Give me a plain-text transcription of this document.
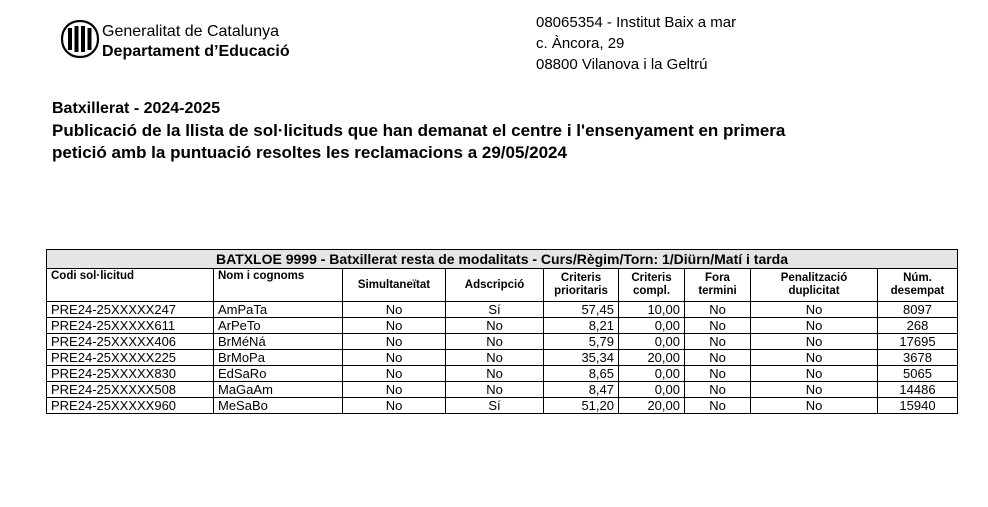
Generalitat de Catalunya
Departament d’Educació
08065354 - Institut Baix a mar
c. Àncora, 29
08800 Vilanova i la Geltrú
Batxillerat - 2024-2025
Publicació de la llista de sol·licituds que han demanat el centre i l'ensenyament en primera
petició amb la puntuació resoltes les reclamacions a 29/05/2024
BATXLOE 9999 - Batxillerat resta de modalitats - Curs/Règim/Torn: 1/Diürn/Matí i tarda								
Codi sol·licitud	Nom i cognoms	Simultaneïtat	Adscripció	Criteris prioritaris	Criteris compl.	Fora termini	Penalització duplicitat	Núm. desempat
PRE24-25XXXXX247	AmPaTa	No	Sí	57,45	10,00	No	No	8097
PRE24-25XXXXX611	ArPeTo	No	No	8,21	0,00	No	No	268
PRE24-25XXXXX406	BrMéNá	No	No	5,79	0,00	No	No	17695
PRE24-25XXXXX225	BrMoPa	No	No	35,34	20,00	No	No	3678
PRE24-25XXXXX830	EdSaRo	No	No	8,65	0,00	No	No	5065
PRE24-25XXXXX508	MaGaAm	No	No	8,47	0,00	No	No	14486
PRE24-25XXXXX960	MeSaBo	No	Sí	51,20	20,00	No	No	15940
